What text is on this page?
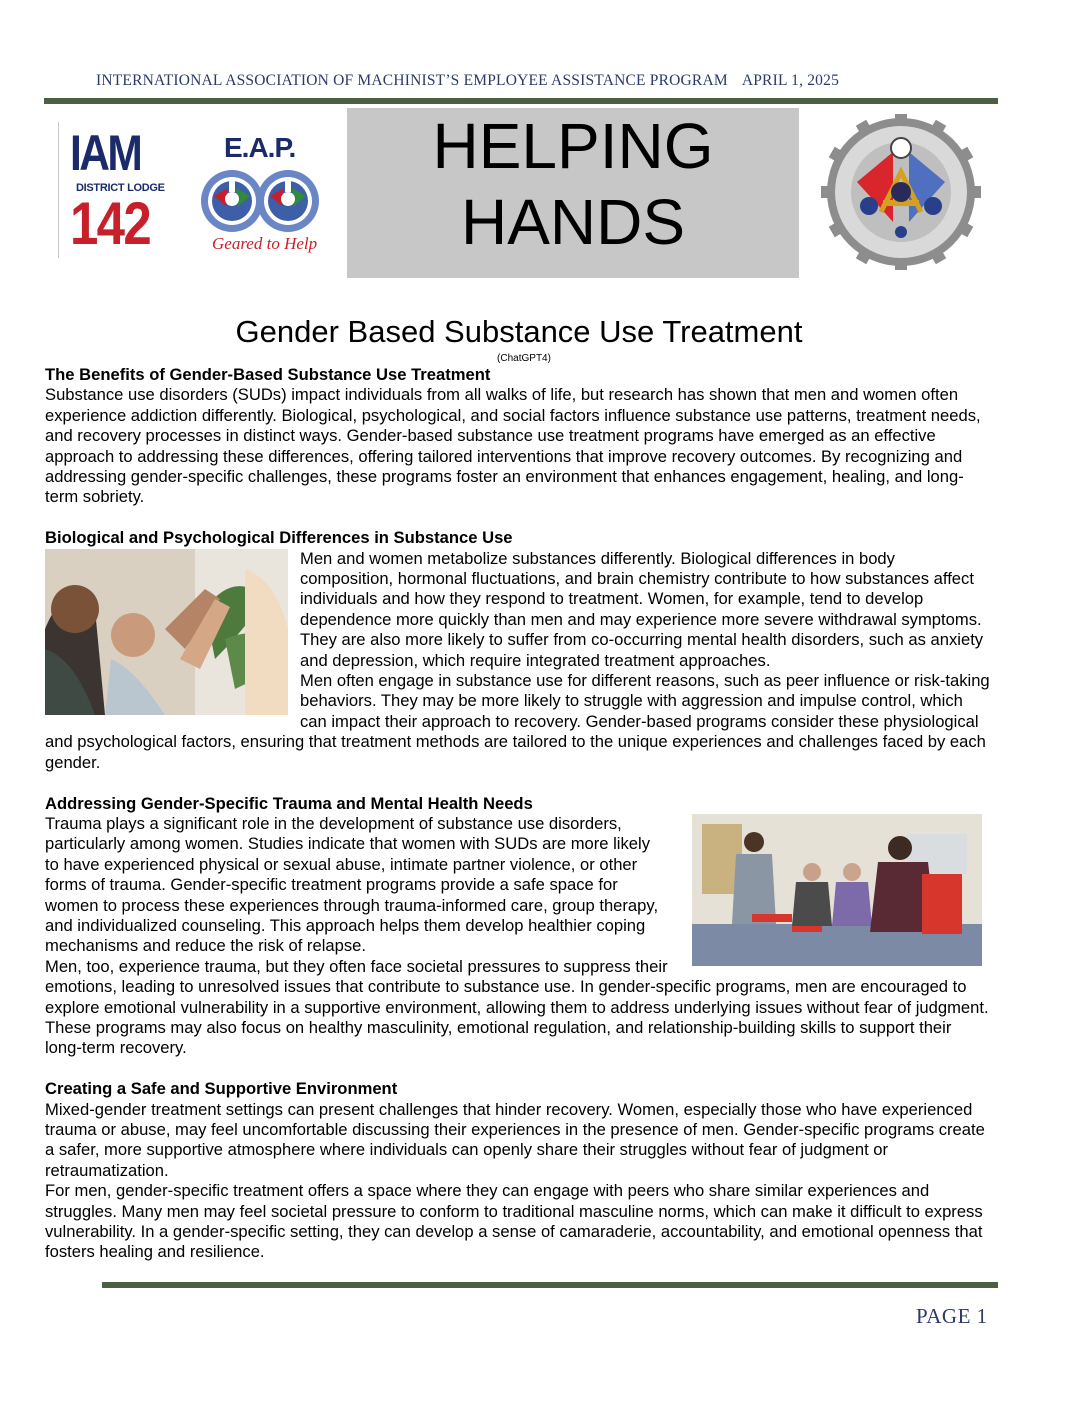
INTERNATIONAL ASSOCIATION OF MACHINIST’S EMPLOYEE ASSISTANCE PROGRAM APRIL 1, 2025
IAM
DISTRICT LODGE
142
E.A.P.
Geared to Help
HELPING
HANDS
Gender Based Substance Use Treatment
(ChatGPT4)
The Benefits of Gender-Based Substance Use Treatment

Substance use disorders (SUDs) impact individuals from all walks of life, but research has shown that men and women often experience addiction differently. Biological, psychological, and social factors influence substance use patterns, treatment needs, and recovery processes in distinct ways. Gender-based substance use treatment programs have emerged as an effective approach to addressing these differences, offering tailored interventions that improve recovery outcomes. By recognizing and addressing gender-specific challenges, these programs foster an environment that enhances engagement, healing, and long-term sobriety.

Biological and Psychological Differences in Substance Use

Men and women metabolize substances differently. Biological differences in body composition, hormonal fluctuations, and brain chemistry contribute to how substances affect individuals and how they respond to treatment. Women, for example, tend to develop dependence more quickly than men and may experience more severe withdrawal symptoms. They are also more likely to suffer from co-occurring mental health disorders, such as anxiety and depression, which require integrated treatment approaches.

Men often engage in substance use for different reasons, such as peer influence or risk-taking behaviors. They may be more likely to struggle with aggression and impulse control, which can impact their approach to recovery. Gender-based programs consider these physiological and psychological factors, ensuring that treatment methods are tailored to the unique experiences and challenges faced by each gender.

Addressing Gender-Specific Trauma and Mental Health Needs

Trauma plays a significant role in the development of substance use disorders, particularly among women. Studies indicate that women with SUDs are more likely to have experienced physical or sexual abuse, intimate partner violence, or other forms of trauma. Gender-specific treatment programs provide a safe space for women to process these experiences through trauma-informed care, group therapy, and individualized counseling. This approach helps them develop healthier coping mechanisms and reduce the risk of relapse.

Men, too, experience trauma, but they often face societal pressures to suppress their emotions, leading to unresolved issues that contribute to substance use. In gender-specific programs, men are encouraged to explore emotional vulnerability in a supportive environment, allowing them to address underlying issues without fear of judgment. These programs may also focus on healthy masculinity, emotional regulation, and relationship-building skills to support their long-term recovery.

Creating a Safe and Supportive Environment

Mixed-gender treatment settings can present challenges that hinder recovery. Women, especially those who have experienced trauma or abuse, may feel uncomfortable discussing their experiences in the presence of men. Gender-specific programs create a safer, more supportive atmosphere where individuals can openly share their struggles without fear of judgment or retraumatization.

For men, gender-specific treatment offers a space where they can engage with peers who share similar experiences and struggles. Many men may feel societal pressure to conform to traditional masculine norms, which can make it difficult to express vulnerability. In a gender-specific setting, they can develop a sense of camaraderie, accountability, and emotional openness that fosters healing and resilience.

PAGE 1
